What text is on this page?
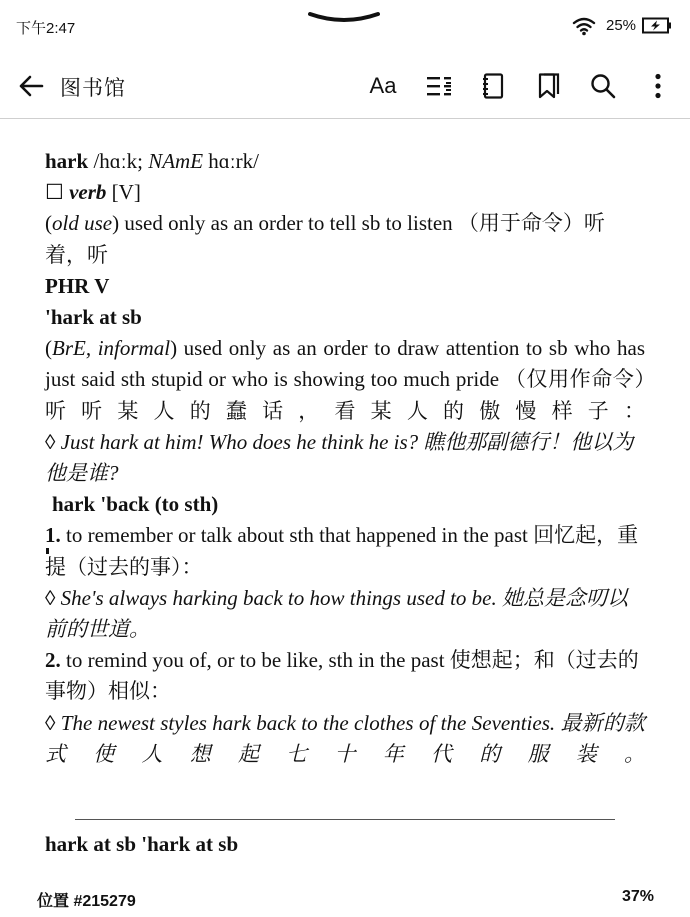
下午2:47	25%
图书馆	Aa

hark /hɑːk; NAmE hɑːrk/

☐ verb [V]

(old use) used only as an order to tell sb to listen （用于命令）听着，听

PHR V

'hark at sb

(BrE, informal) used only as an order to draw attention to sb who has just said sth stupid or who is showing too much pride （仅用作命令）听听某人的蠢话，看某人的傲慢样子：

◊ Just hark at him! Who does he think he is? 瞧他那副德行！他以为他是谁?

hark 'back (to sth)

1. to remember or talk about sth that happened in the past 回忆起，重提（过去的事）：

◊ She's always harking back to how things used to be. 她总是念叨以前的世道。

2. to remind you of, or to be like, sth in the past 使想起；和（过去的事物）相似：

◊ The newest styles hark back to the clothes of the Seventies. 最新的款式使人想起七十年代的服装。

hark at sb 'hark at sb
位置 #215279	37%
